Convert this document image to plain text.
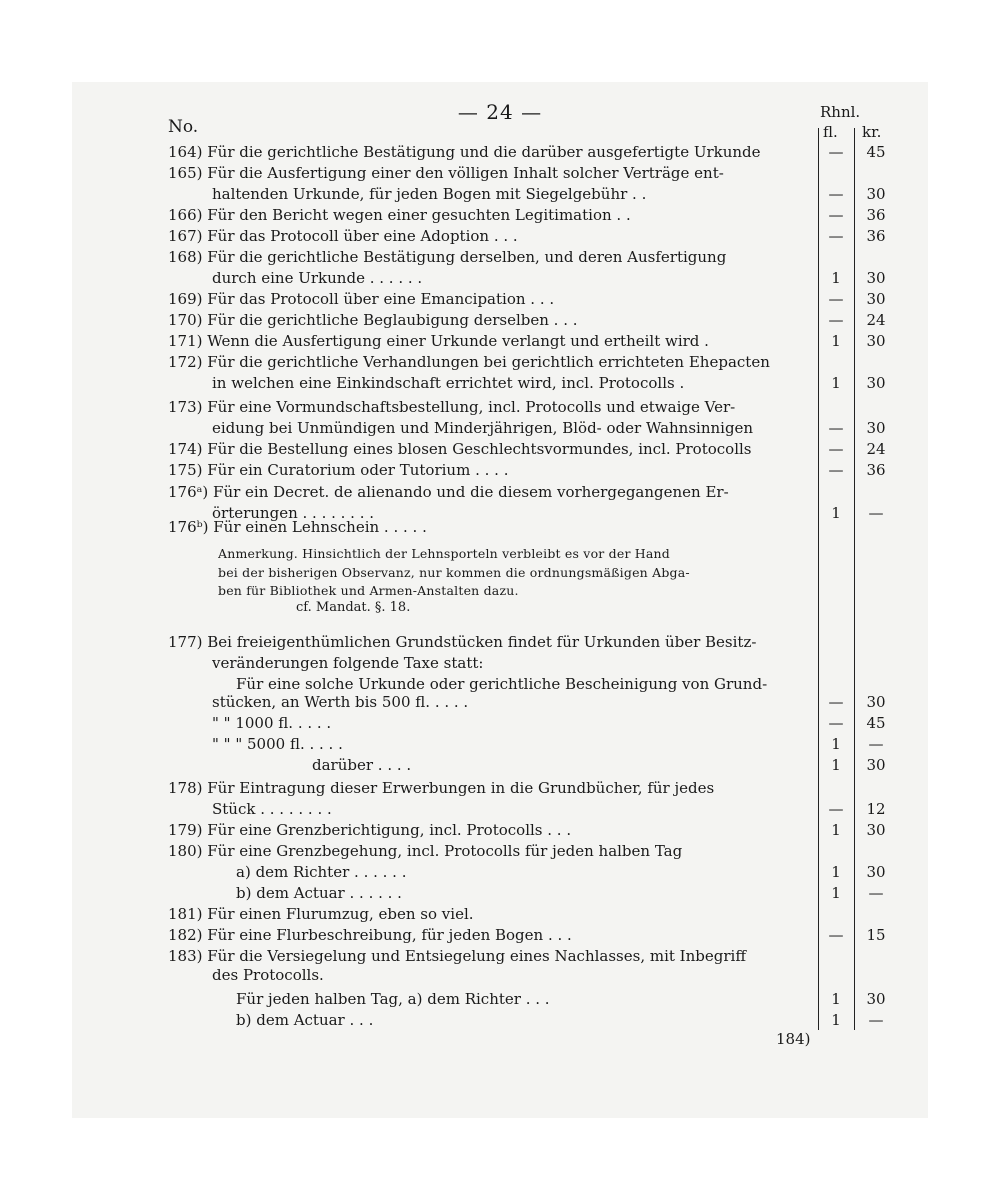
— 24 —
No.
Rhnl.
fl. kr.
164) Für die gerichtliche Bestätigung und die darüber ausgefertigte Urkunde	—	45
165) Für die Ausfertigung einer den völligen Inhalt solcher Verträge ent-
haltenden Urkunde, für jeden Bogen mit Siegelgebühr . .	—	30
166) Für den Bericht wegen einer gesuchten Legitimation . .	—	36
167) Für das Protocoll über eine Adoption . . .	—	36
168) Für die gerichtliche Bestätigung derselben, und deren Ausfertigung
durch eine Urkunde . . . . . .	1	30
169) Für das Protocoll über eine Emancipation . . .	—	30
170) Für die gerichtliche Beglaubigung derselben . . .	—	24
171) Wenn die Ausfertigung einer Urkunde verlangt und ertheilt wird .	1	30
172) Für die gerichtliche Verhandlungen bei gerichtlich errichteten Ehepacten
in welchen eine Einkindschaft errichtet wird, incl. Protocolls .	1	30
173) Für eine Vormundschaftsbestellung, incl. Protocolls und etwaige Ver-
eidung bei Unmündigen und Minderjährigen, Blöd- oder Wahnsinnigen	—	30
174) Für die Bestellung eines blosen Geschlechtsvormundes, incl. Protocolls	—	24
175) Für ein Curatorium oder Tutorium . . . .	—	36
176ᵃ) Für ein Decret. de alienando und die diesem vorhergegangenen Er-
örterungen . . . . . . . .	1	—
176ᵇ) Für einen Lehnschein . . . . .
Anmerkung. Hinsichtlich der Lehnsporteln verbleibt es vor der Hand
bei der bisherigen Observanz, nur kommen die ordnungsmäßigen Abga-
ben für Bibliothek und Armen-Anstalten dazu.
cf. Mandat. §. 18.
177) Bei freieigenthümlichen Grundstücken findet für Urkunden über Besitz-
veränderungen folgende Taxe statt:
Für eine solche Urkunde oder gerichtliche Bescheinigung von Grund-
stücken, an Werth bis 500 fl. . . . .	—	30
" " 1000 fl. . . . .	—	45
" " " 5000 fl. . . . .	1	—
darüber . . . .	1	30
178) Für Eintragung dieser Erwerbungen in die Grundbücher, für jedes
Stück . . . . . . . .	—	12
179) Für eine Grenzberichtigung, incl. Protocolls . . .	1	30
180) Für eine Grenzbegehung, incl. Protocolls für jeden halben Tag
a) dem Richter . . . . . .	1	30
b) dem Actuar . . . . . .	1	—
181) Für einen Flurumzug, eben so viel.
182) Für eine Flurbeschreibung, für jeden Bogen . . .	—	15
183) Für die Versiegelung und Entsiegelung eines Nachlasses, mit Inbegriff
des Protocolls.
Für jeden halben Tag, a) dem Richter . . .	1	30
b) dem Actuar . . .	1	—
184)
